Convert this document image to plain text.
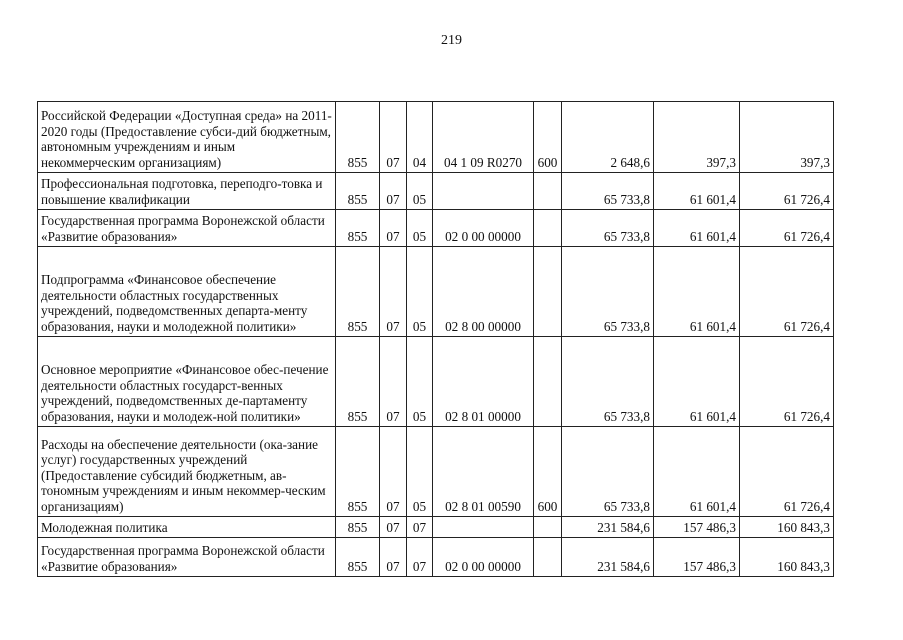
219
Российской Федерации «Доступная среда» на 2011-2020 годы (Предоставление субси-дий бюджетным, автономным учреждениям и иным некоммерческим организациям)	855	07	04	04 1 09 R0270	600	2 648,6	397,3	397,3
Профессиональная подготовка, переподго-товка и повышение квалификации	855	07	05			65 733,8	61 601,4	61 726,4
Государственная программа Воронежской области «Развитие образования»	855	07	05	02 0 00 00000		65 733,8	61 601,4	61 726,4
Подпрограмма «Финансовое обеспечение деятельности областных государственных учреждений, подведомственных департа-менту образования, науки и молодежной политики»	855	07	05	02 8 00 00000		65 733,8	61 601,4	61 726,4
Основное мероприятие «Финансовое обес-печение деятельности областных государст-венных учреждений, подведомственных де-партаменту образования, науки и молодеж-ной политики»	855	07	05	02 8 01 00000		65 733,8	61 601,4	61 726,4
Расходы на обеспечение деятельности (ока-зание услуг) государственных учреждений (Предоставление субсидий бюджетным, ав-тономным учреждениям и иным некоммер-ческим организациям)	855	07	05	02 8 01 00590	600	65 733,8	61 601,4	61 726,4
Молодежная политика	855	07	07			231 584,6	157 486,3	160 843,3
Государственная программа Воронежской области «Развитие образования»	855	07	07	02 0 00 00000		231 584,6	157 486,3	160 843,3
